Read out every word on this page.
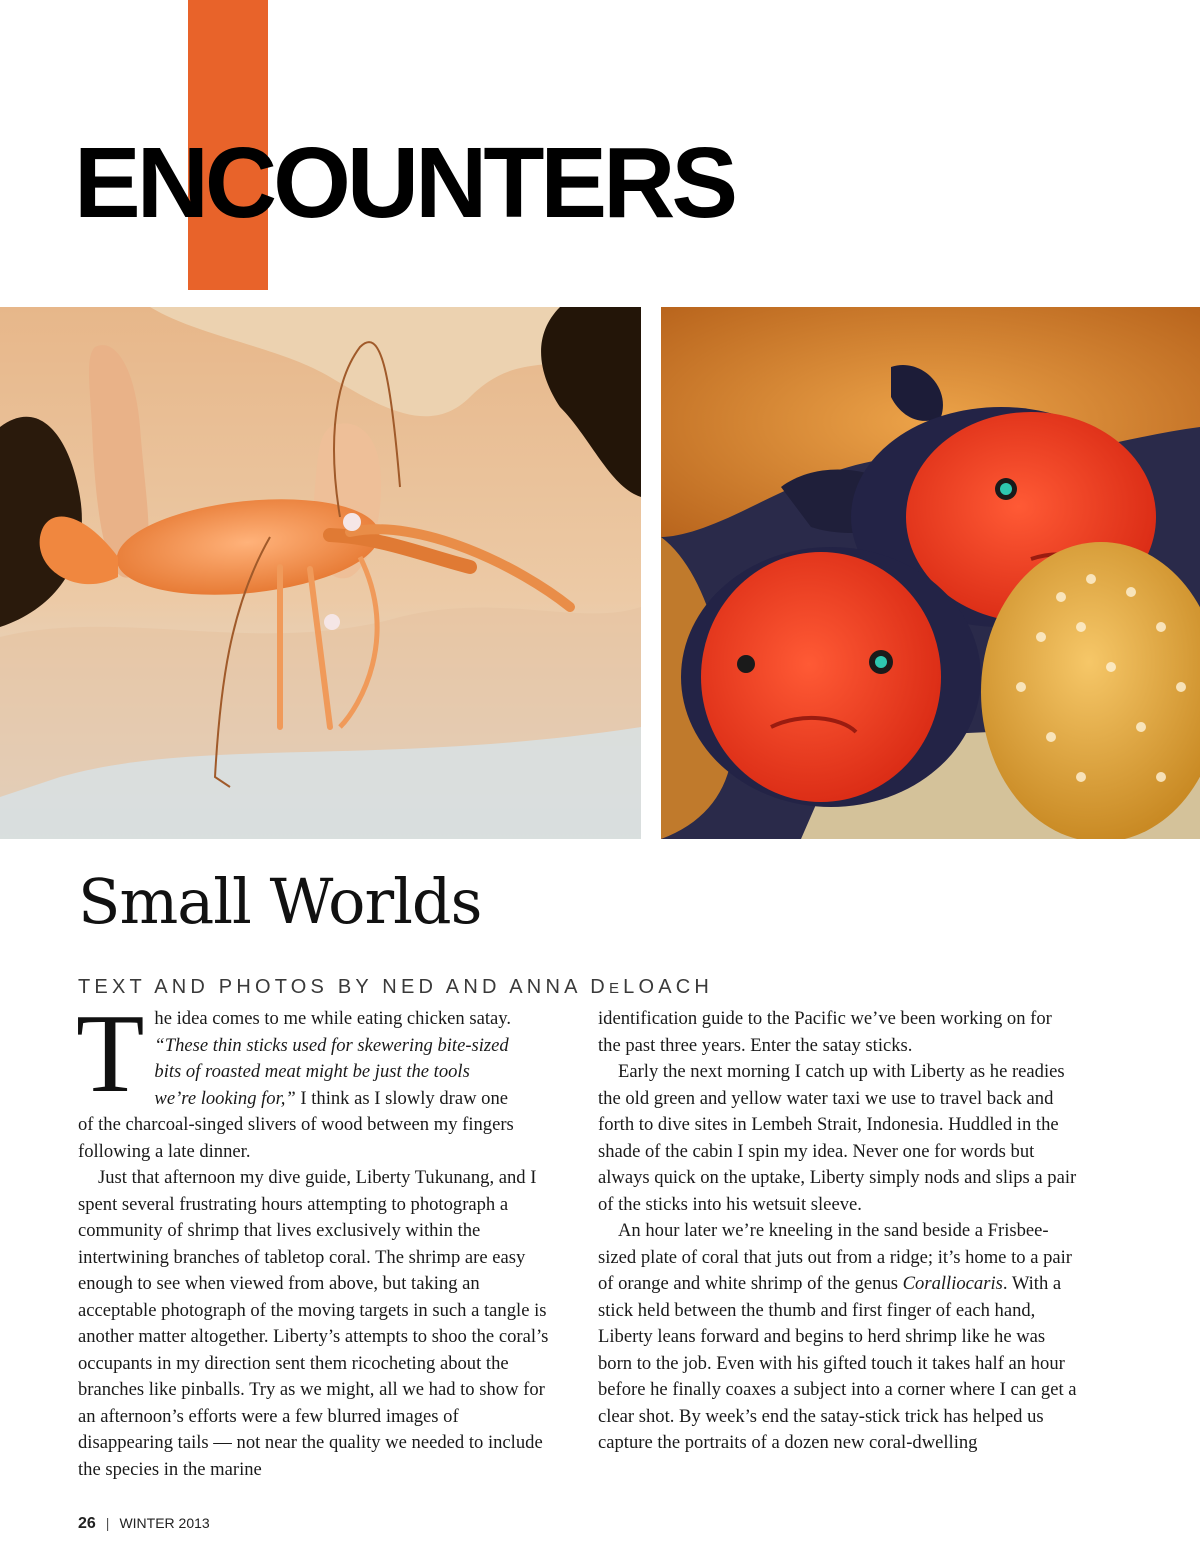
ENCOUNTERS
Small Worlds

TEXT AND PHOTOS BY NED AND ANNA DELOACH

T he idea comes to me while eating chicken satay.
“These thin sticks used for skewering bite-sized
bits of roasted meat might be just the tools
we’re looking for,” I think as I slowly draw one
of the charcoal-singed slivers of wood between my fingers
following a late dinner.

Just that afternoon my dive guide, Liberty Tukunang, and I spent several frustrating hours attempting to photograph a community of shrimp that lives exclusively within the intertwining branches of tabletop coral. The shrimp are easy enough to see when viewed from above, but taking an acceptable photograph of the moving targets in such a tangle is another matter altogether. Liberty’s attempts to shoo the coral’s occupants in my direction sent them ricocheting about the branches like pinballs. Try as we might, all we had to show for an afternoon’s efforts were a few blurred images of disappearing tails — not near the quality we needed to include the species in the marine

identification guide to the Pacific we’ve been working on for the past three years. Enter the satay sticks.

Early the next morning I catch up with Liberty as he readies the old green and yellow water taxi we use to travel back and forth to dive sites in Lembeh Strait, Indonesia. Huddled in the shade of the cabin I spin my idea. Never one for words but always quick on the uptake, Liberty simply nods and slips a pair of the sticks into his wetsuit sleeve.

An hour later we’re kneeling in the sand beside a Frisbee-sized plate of coral that juts out from a ridge; it’s home to a pair of orange and white shrimp of the genus Coralliocaris. With a stick held between the thumb and first finger of each hand, Liberty leans forward and begins to herd shrimp like he was born to the job. Even with his gifted touch it takes half an hour before he finally coaxes a subject into a corner where I can get a clear shot. By week’s end the satay-stick trick has helped us capture the portraits of a dozen new coral-dwelling

26 | WINTER 2013
